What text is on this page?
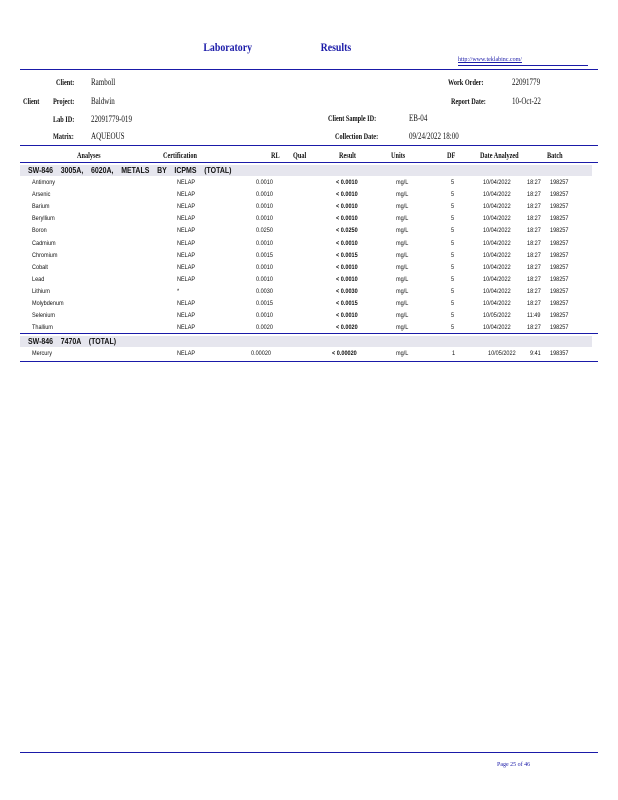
Laboratory	Results
http://www.teklabinc.com/
Client: Ramboll
Client Project: Baldwin
Lab ID: 22091779-019
Matrix: AQUEOUS
Work Order:	22091779
Report Date:	10-Oct-22
Client Sample ID:	EB-04
Collection Date:	09/24/2022 18:00
Analyses	Certification	RL Qual	Result	Units	DF	Date Analyzed	Batch
SW-846    3005A,    6020A,    METALS    BY    ICPMS    (TOTAL)
Antimony	NELAP	0.0010	< 0.0010	mg/L	5	10/04/2022	18:27 198257
Arsenic	NELAP	0.0010	< 0.0010	mg/L	5	10/04/2022	18:27 198257
Barium	NELAP	0.0010	< 0.0010	mg/L	5	10/04/2022	18:27 198257
Beryllium	NELAP	0.0010	< 0.0010	mg/L	5	10/04/2022	18:27 198257
Boron	NELAP	0.0250	< 0.0250	mg/L	5	10/04/2022	18:27 198257
Cadmium	NELAP	0.0010	< 0.0010	mg/L	5	10/04/2022	18:27 198257
Chromium	NELAP	0.0015	< 0.0015	mg/L	5	10/04/2022	18:27 198257
Cobalt	NELAP	0.0010	< 0.0010	mg/L	5	10/04/2022	18:27 198257
Lead	NELAP	0.0010	< 0.0010	mg/L	5	10/04/2022	18:27 198257
Lithium	*	0.0030	< 0.0030	mg/L	5	10/04/2022	18:27 198257
Molybdenum	NELAP	0.0015	< 0.0015	mg/L	5	10/04/2022	18:27 198257
Selenium	NELAP	0.0010	< 0.0010	mg/L	5	10/05/2022	11:49 198257
Thallium	NELAP	0.0020	< 0.0020	mg/L	5	10/04/2022	18:27 198257
SW-846    7470A    (TOTAL)
Mercury	NELAP	0.00020	< 0.00020	mg/L	1	10/05/2022 9:41 198357
Page 25 of 46
